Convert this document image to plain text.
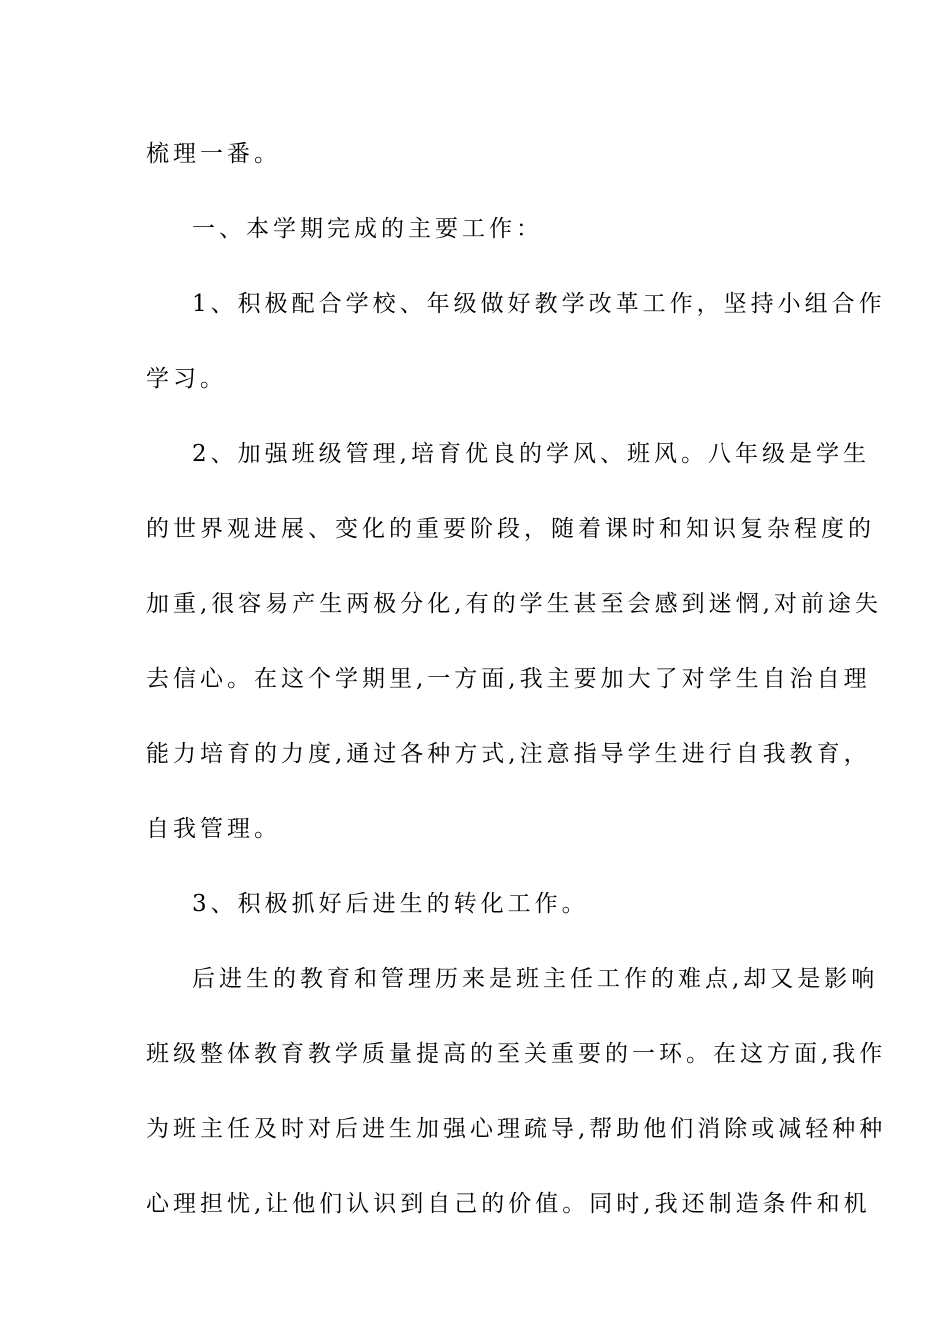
梳理一番。
一、本学期完成的主要工作：
1、积极配合学校、年级做好教学改革工作，坚持小组合作
学习。
2、加强班级管理,培育优良的学风、班风。八年级是学生
的世界观进展、变化的重要阶段，随着课时和知识复杂程度的
加重,很容易产生两极分化,有的学生甚至会感到迷惘,对前途失
去信心。在这个学期里,一方面,我主要加大了对学生自治自理
能力培育的力度,通过各种方式,注意指导学生进行自我教育，
自我管理。
3、积极抓好后进生的转化工作。
后进生的教育和管理历来是班主任工作的难点,却又是影响
班级整体教育教学质量提高的至关重要的一环。在这方面,我作
为班主任及时对后进生加强心理疏导,帮助他们消除或减轻种种
心理担忧,让他们认识到自己的价值。同时,我还制造条件和机
